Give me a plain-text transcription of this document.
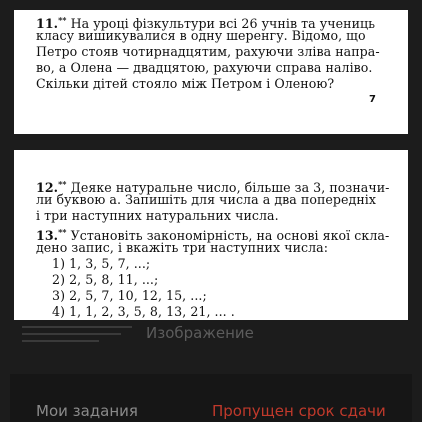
11.** На уроці фізкультури всі 26 учнів та учениць

класу вишикувалися в одну шеренгу. Відомо, що

Петро стояв чотирнадцятим, рахуючи зліва напра-

во, а Олена — двадцятою, рахуючи справа наліво.

Скільки дітей стояло між Петром і Оленою?

7

12.** Деяке натуральне число, більше за 3, позначи-

ли буквою a. Запишіть для числа a два попередніх

і три наступних натуральних числа.

13.** Установіть закономірність, на основі якої скла-

дено запис, і вкажіть три наступних числа:

1) 1, 3, 5, 7, ...;

2) 2, 5, 8, 11, ...;

3) 2, 5, 7, 10, 12, 15, ...;

4) 1, 1, 2, 3, 5, 8, 13, 21, ... .

Изображение
Мои задания	Пропущен срок сдачи
